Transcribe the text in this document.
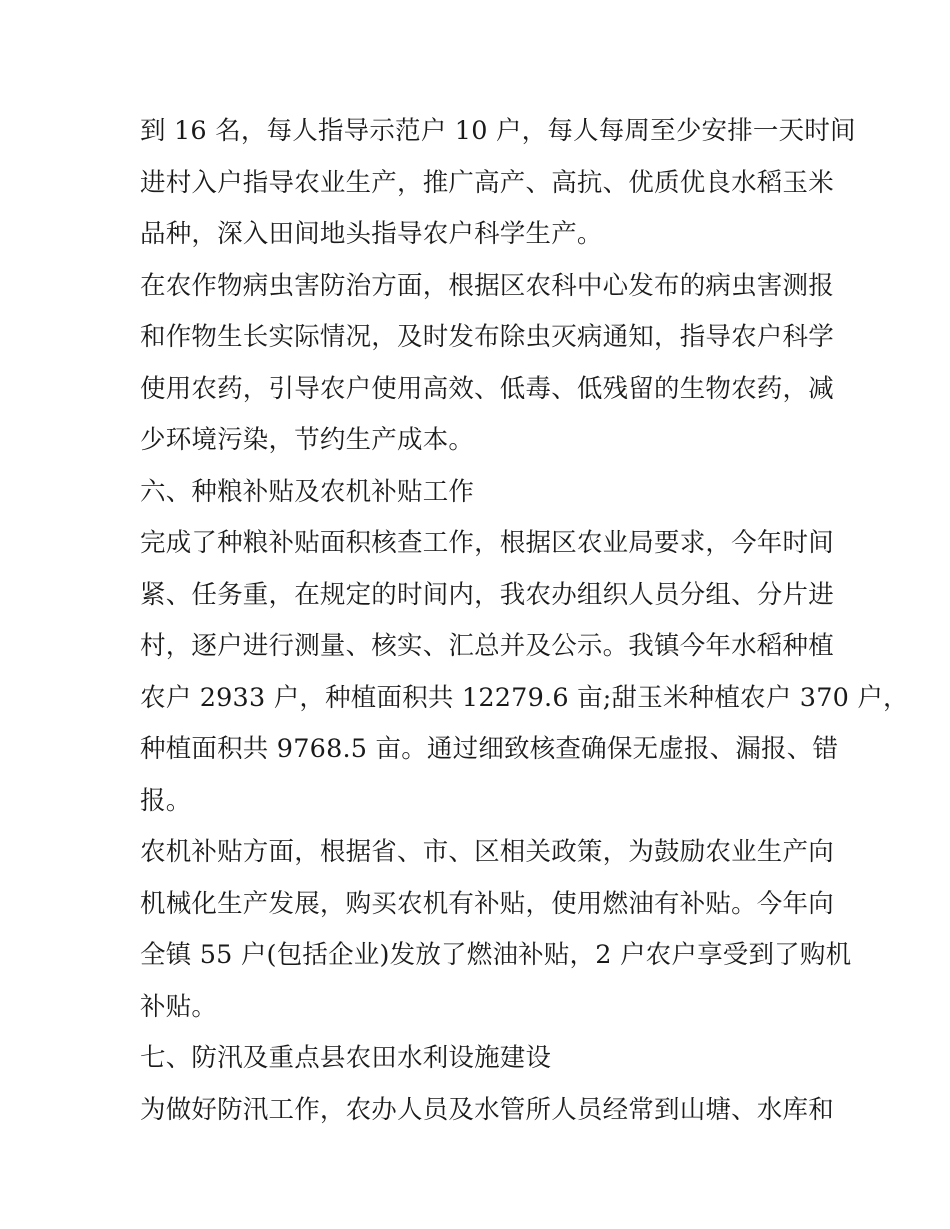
到 16 名，每人指导示范户 10 户，每人每周至少安排一天时间
进村入户指导农业生产，推广高产、高抗、优质优良水稻玉米
品种，深入田间地头指导农户科学生产。
在农作物病虫害防治方面，根据区农科中心发布的病虫害测报
和作物生长实际情况，及时发布除虫灭病通知，指导农户科学
使用农药，引导农户使用高效、低毒、低残留的生物农药，减
少环境污染，节约生产成本。
六、种粮补贴及农机补贴工作
完成了种粮补贴面积核查工作，根据区农业局要求，今年时间
紧、任务重，在规定的时间内，我农办组织人员分组、分片进
村，逐户进行测量、核实、汇总并及公示。我镇今年水稻种植
农户 2933 户，种植面积共 12279.6 亩;甜玉米种植农户 370 户，
种植面积共 9768.5 亩。通过细致核查确保无虚报、漏报、错
报。
农机补贴方面，根据省、市、区相关政策，为鼓励农业生产向
机械化生产发展，购买农机有补贴，使用燃油有补贴。今年向
全镇 55 户(包括企业)发放了燃油补贴，2 户农户享受到了购机
补贴。
七、防汛及重点县农田水利设施建设
为做好防汛工作，农办人员及水管所人员经常到山塘、水库和
